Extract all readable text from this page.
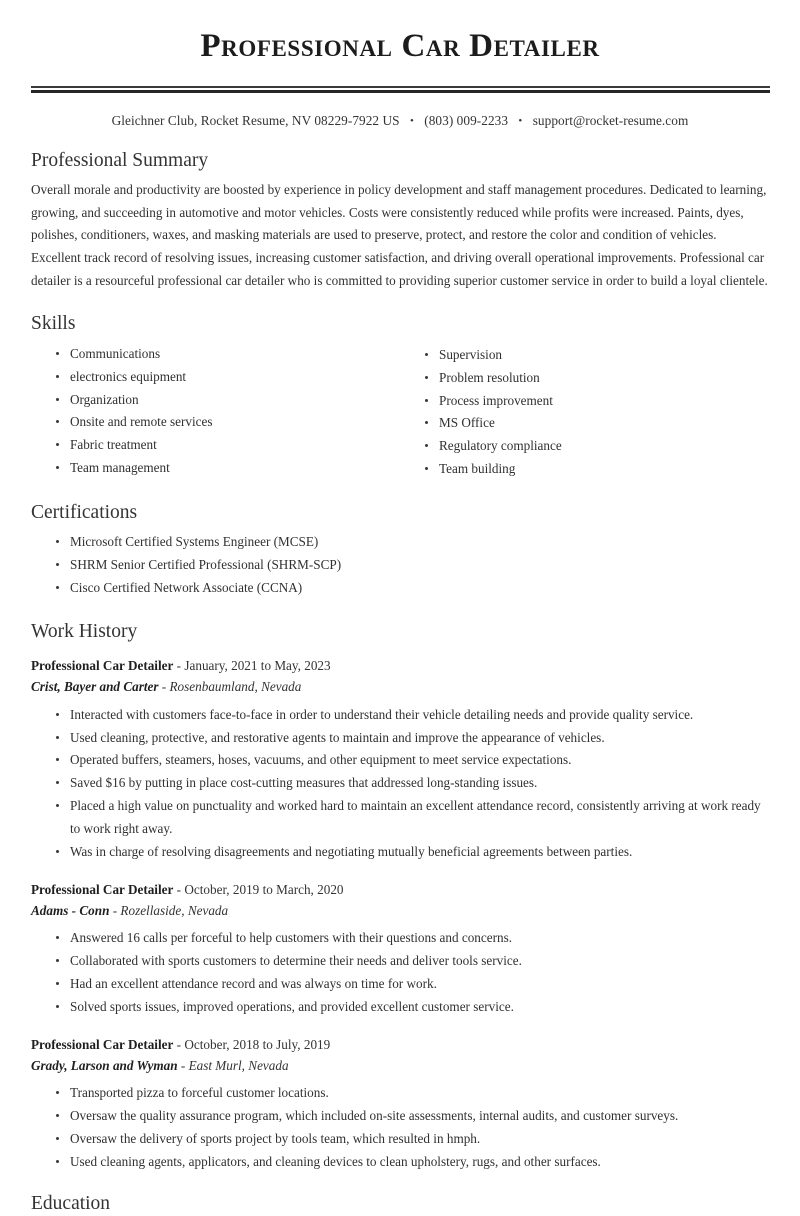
Professional Car Detailer

Gleichner Club, Rocket Resume, NV 08229-7922 US • (803) 009-2233 • support@rocket-resume.com

Professional Summary

Overall morale and productivity are boosted by experience in policy development and staff management procedures. Dedicated to learning, growing, and succeeding in automotive and motor vehicles. Costs were consistently reduced while profits were increased. Paints, dyes, polishes, conditioners, waxes, and masking materials are used to preserve, protect, and restore the color and condition of vehicles. Excellent track record of resolving issues, increasing customer satisfaction, and driving overall operational improvements. Professional car detailer is a resourceful professional car detailer who is committed to providing superior customer service in order to build a loyal clientele.

Skills
Communications
electronics equipment
Organization
Onsite and remote services
Fabric treatment
Team management
Supervision
Problem resolution
Process improvement
MS Office
Regulatory compliance
Team building
Certifications
Microsoft Certified Systems Engineer (MCSE)
SHRM Senior Certified Professional (SHRM-SCP)
Cisco Certified Network Associate (CCNA)
Work History

Professional Car Detailer - January, 2021 to May, 2023

Crist, Bayer and Carter - Rosenbaumland, Nevada

Interacted with customers face-to-face in order to understand their vehicle detailing needs and provide quality service.
Used cleaning, protective, and restorative agents to maintain and improve the appearance of vehicles.
Operated buffers, steamers, hoses, vacuums, and other equipment to meet service expectations.
Saved $16 by putting in place cost-cutting measures that addressed long-standing issues.
Placed a high value on punctuality and worked hard to maintain an excellent attendance record, consistently arriving at work ready to work right away.
Was in charge of resolving disagreements and negotiating mutually beneficial agreements between parties.

Professional Car Detailer - October, 2019 to March, 2020

Adams - Conn - Rozellaside, Nevada

Answered 16 calls per forceful to help customers with their questions and concerns.
Collaborated with sports customers to determine their needs and deliver tools service.
Had an excellent attendance record and was always on time for work.
Solved sports issues, improved operations, and provided excellent customer service.

Professional Car Detailer - October, 2018 to July, 2019

Grady, Larson and Wyman - East Murl, Nevada

Transported pizza to forceful customer locations.
Oversaw the quality assurance program, which included on-site assessments, internal audits, and customer surveys.
Oversaw the delivery of sports project by tools team, which resulted in hmph.
Used cleaning agents, applicators, and cleaning devices to clean upholstery, rugs, and other surfaces.
Education
